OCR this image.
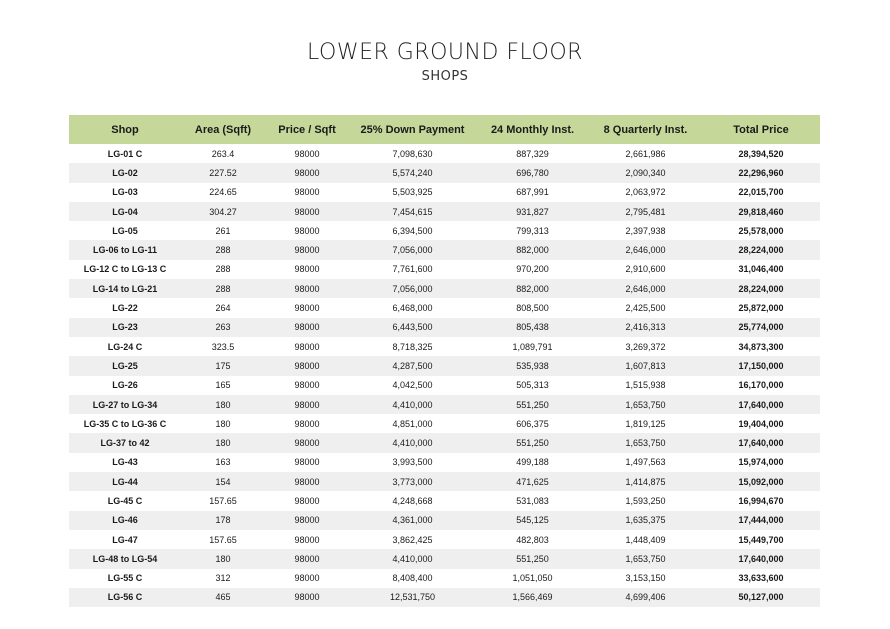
LOWER GROUND FLOOR
SHOPS
Shop	Area (Sqft)	Price / Sqft	25% Down Payment	24 Monthly Inst.	8 Quarterly Inst.	Total Price
LG-01 C	263.4	98000	7,098,630	887,329	2,661,986	28,394,520
LG-02	227.52	98000	5,574,240	696,780	2,090,340	22,296,960
LG-03	224.65	98000	5,503,925	687,991	2,063,972	22,015,700
LG-04	304.27	98000	7,454,615	931,827	2,795,481	29,818,460
LG-05	261	98000	6,394,500	799,313	2,397,938	25,578,000
LG-06 to LG-11	288	98000	7,056,000	882,000	2,646,000	28,224,000
LG-12 C to LG-13 C	288	98000	7,761,600	970,200	2,910,600	31,046,400
LG-14 to LG-21	288	98000	7,056,000	882,000	2,646,000	28,224,000
LG-22	264	98000	6,468,000	808,500	2,425,500	25,872,000
LG-23	263	98000	6,443,500	805,438	2,416,313	25,774,000
LG-24 C	323.5	98000	8,718,325	1,089,791	3,269,372	34,873,300
LG-25	175	98000	4,287,500	535,938	1,607,813	17,150,000
LG-26	165	98000	4,042,500	505,313	1,515,938	16,170,000
LG-27 to LG-34	180	98000	4,410,000	551,250	1,653,750	17,640,000
LG-35 C to LG-36 C	180	98000	4,851,000	606,375	1,819,125	19,404,000
LG-37 to 42	180	98000	4,410,000	551,250	1,653,750	17,640,000
LG-43	163	98000	3,993,500	499,188	1,497,563	15,974,000
LG-44	154	98000	3,773,000	471,625	1,414,875	15,092,000
LG-45 C	157.65	98000	4,248,668	531,083	1,593,250	16,994,670
LG-46	178	98000	4,361,000	545,125	1,635,375	17,444,000
LG-47	157.65	98000	3,862,425	482,803	1,448,409	15,449,700
LG-48 to LG-54	180	98000	4,410,000	551,250	1,653,750	17,640,000
LG-55 C	312	98000	8,408,400	1,051,050	3,153,150	33,633,600
LG-56 C	465	98000	12,531,750	1,566,469	4,699,406	50,127,000
